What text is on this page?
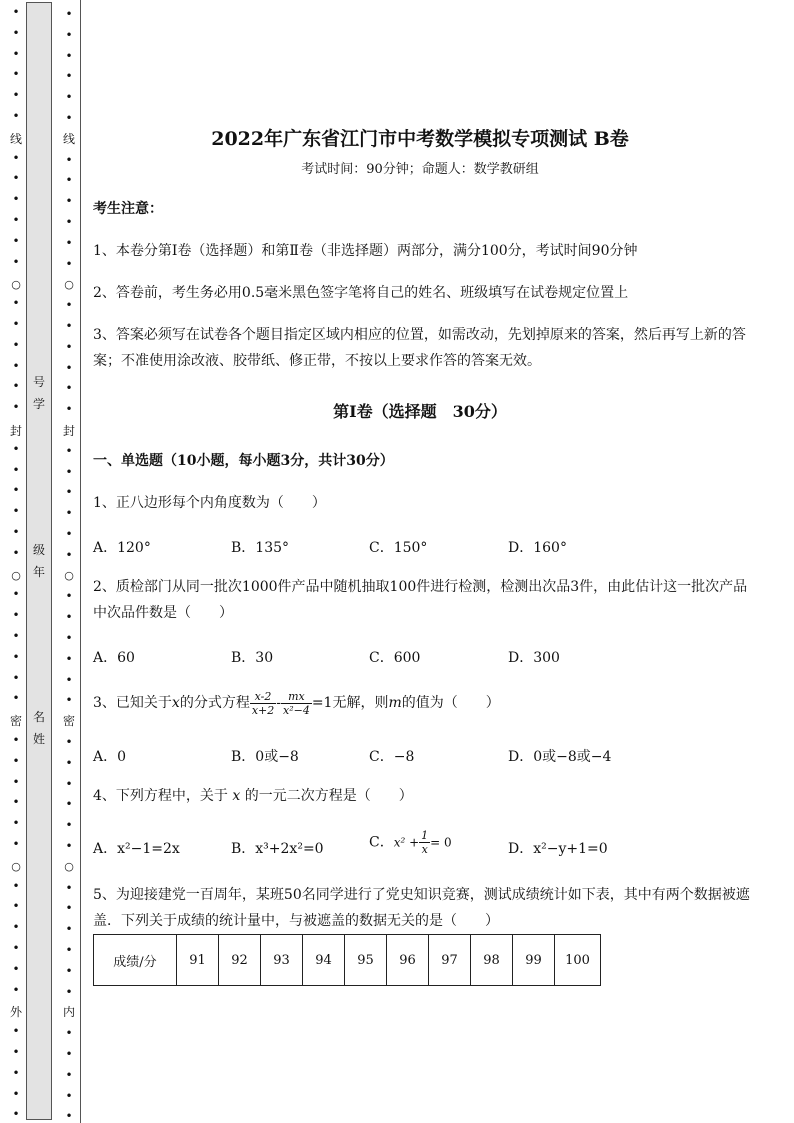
•
•
•
•
•
•
•
•
•
•
•
•
•
•
•
•
•
•
•
•
•
•
•
•
•
•
•
•
•
•
•
•
•
•
•
•
•
•
•
•
•
•
•
•
•
•
•
线
○
封
○
密
○
外
•
•
•
•
•
•
•
•
•
•
•
•
•
•
•
•
•
•
•
•
•
•
•
•
•
•
•
•
•
•
•
•
•
•
•
•
•
•
•
•
•
•
•
•
•
•
•
线
○
封
○
密
○
内
号
学
级
年
名
姓
2022年广东省江门市中考数学模拟专项测试 B卷
考试时间：90分钟；命题人：数学教研组
考生注意：
1、本卷分第I卷（选择题）和第Ⅱ卷（非选择题）两部分，满分100分，考试时间90分钟
2、答卷前，考生务必用0.5毫米黑色签字笔将自己的姓名、班级填写在试卷规定位置上
3、答案必须写在试卷各个题目指定区域内相应的位置，如需改动，先划掉原来的答案，然后再写上新的答案；不准使用涂改液、胶带纸、修正带，不按以上要求作答的答案无效。
第I卷（选择题　30分）
一、单选题（10小题，每小题3分，共计30分）
1、正八边形每个内角度数为（　　）
A．120°	B．135°	C．150°	D．160°
2、质检部门从同一批次1000件产品中随机抽取100件进行检测，检测出次品3件，由此估计这一批次产品中次品件数是（　　）
A．60	B．30	C．600	D．300
3、已知关于x的分式方程 $\frac{x-2}{x+2} - \frac{mx}{\text{x²−4}} =1$无解，则m的值为（　　）
A．0	B．0或−8	C．−8	D．0或−8或−4
4、下列方程中，关于 x 的一元二次方程是（　　）
A．x²−1=2x	B．x³+2x²=0	C．$x^2 + \frac{1}{x} = 0$	D．x²−y+1=0
5、为迎接建党一百周年，某班50名同学进行了党史知识竞赛，测试成绩统计如下表，其中有两个数据被遮盖．下列关于成绩的统计量中，与被遮盖的数据无关的是（　　）
成绩/分	91	92	93	94	95	96	97	98	99	100
